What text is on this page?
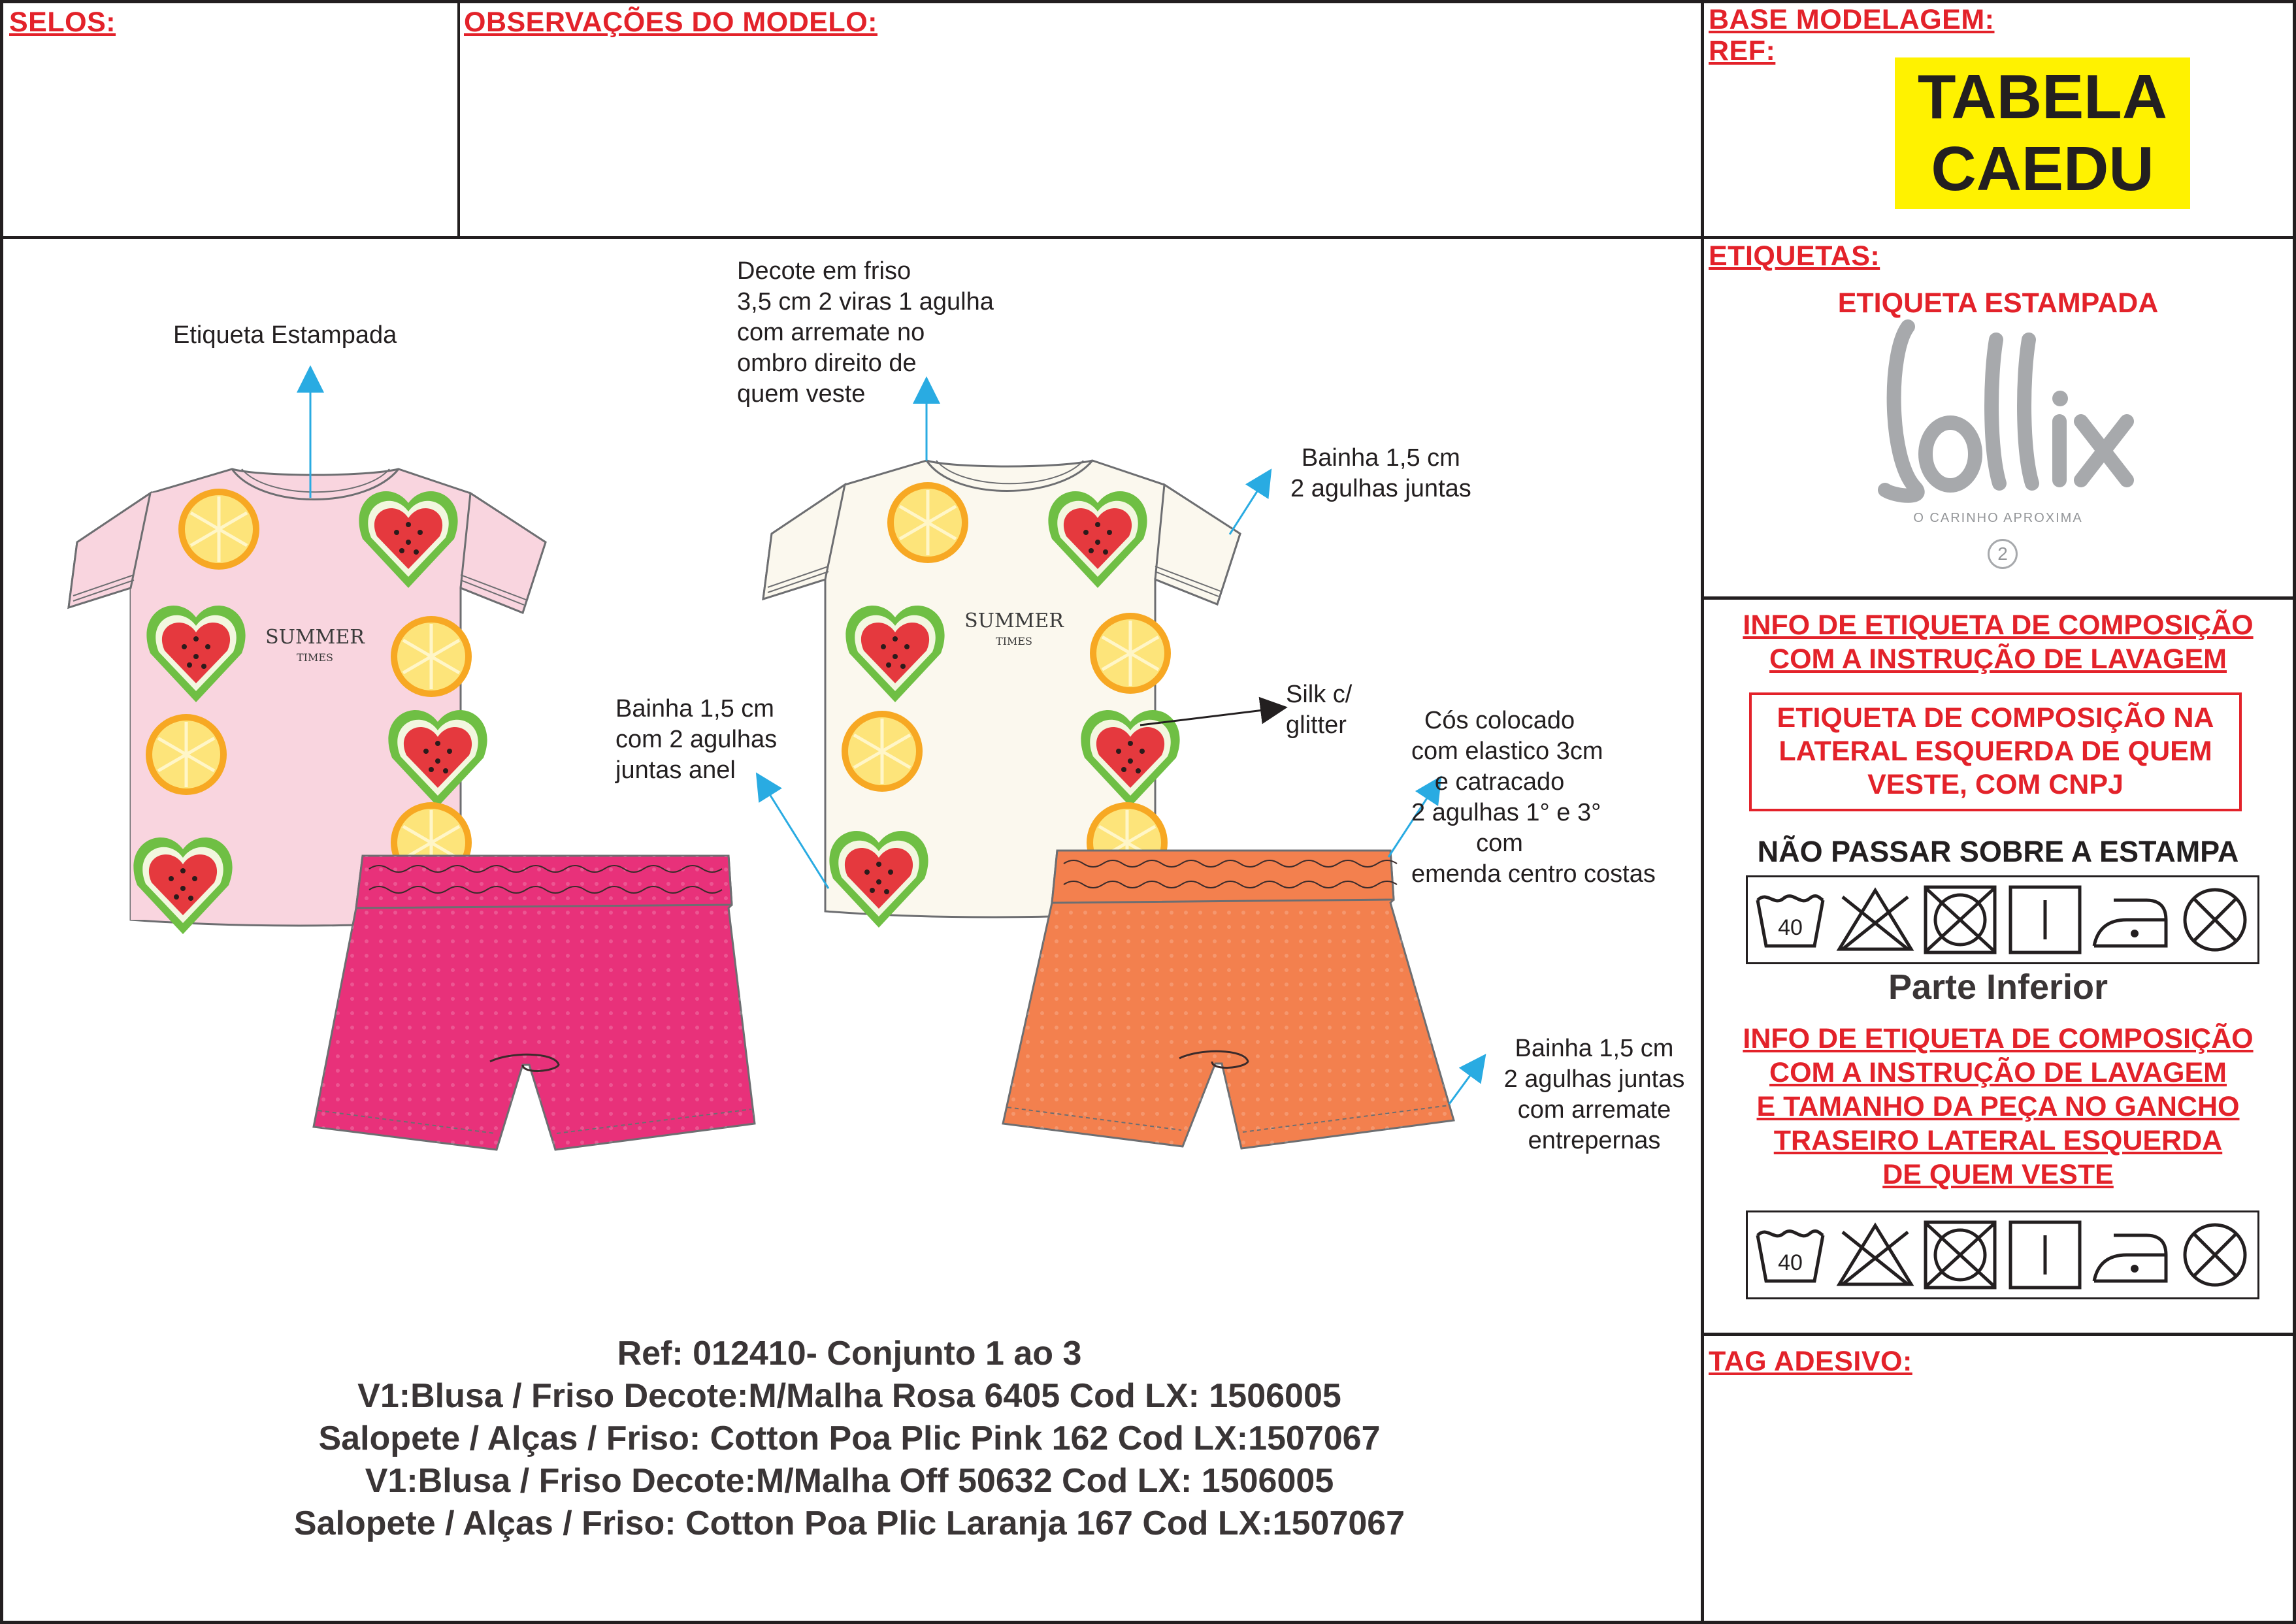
SELOS:	OBSERVAÇÕES DO MODELO:	BASE MODELAGEM:
REF:
TABELA
CAEDU
ETIQUETAS:
ETIQUETA ESTAMPADA
O CARINHO APROXIMA
2
INFO DE ETIQUETA DE COMPOSIÇÃO
COM A INSTRUÇÃO DE LAVAGEM
ETIQUETA DE COMPOSIÇÃO NA
LATERAL ESQUERDA DE QUEM
VESTE, COM CNPJ
NÃO PASSAR SOBRE A ESTAMPA
40
Parte Inferior
INFO DE ETIQUETA DE COMPOSIÇÃO
COM A INSTRUÇÃO DE LAVAGEM
E TAMANHO DA PEÇA NO GANCHO
TRASEIRO LATERAL ESQUERDA
DE QUEM VESTE
40
TAG ADESIVO:
SUMMER
TIMES
SUMMER
TIMES
Etiqueta Estampada
Decote em friso
3,5 cm 2 viras 1 agulha
com arremate no
ombro direito de
quem veste
Bainha 1,5 cm
2 agulhas juntas
Bainha 1,5 cm
com 2 agulhas
juntas anel
Silk c/
glitter	Cós colocado
com elastico 3cm
e catracado
2 agulhas 1° e 3°
com
emenda centro costas
Bainha 1,5 cm
2 agulhas juntas
com arremate
entrepernas
Ref: 012410- Conjunto 1 ao 3
V1:Blusa / Friso Decote:M/Malha Rosa 6405 Cod LX: 1506005
Salopete / Alças / Friso: Cotton Poa Plic Pink 162 Cod LX:1507067
V1:Blusa / Friso Decote:M/Malha Off 50632 Cod LX: 1506005
Salopete / Alças / Friso: Cotton Poa Plic Laranja 167 Cod LX:1507067
